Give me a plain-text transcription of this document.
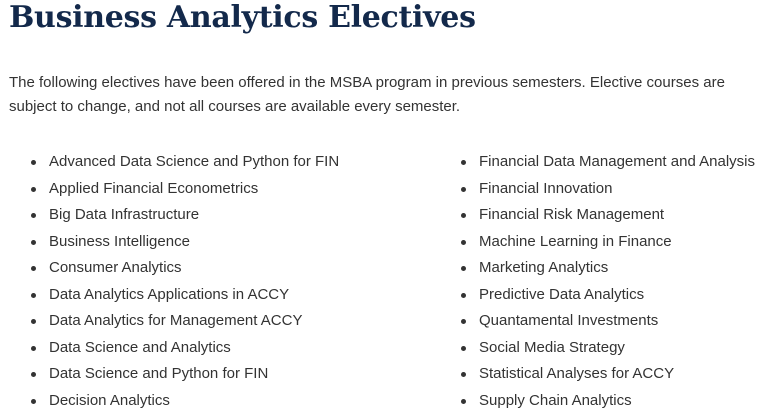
Business Analytics Electives

The following electives have been offered in the MSBA program in previous semesters. Elective courses are subject to change, and not all courses are available every semester.

Advanced Data Science and Python for FIN
Applied Financial Econometrics
Big Data Infrastructure
Business Intelligence
Consumer Analytics
Data Analytics Applications in ACCY
Data Analytics for Management ACCY
Data Science and Analytics
Data Science and Python for FIN
Decision Analytics
Financial Data Management and Analysis
Financial Innovation
Financial Risk Management
Machine Learning in Finance
Marketing Analytics
Predictive Data Analytics
Quantamental Investments
Social Media Strategy
Statistical Analyses for ACCY
Supply Chain Analytics
